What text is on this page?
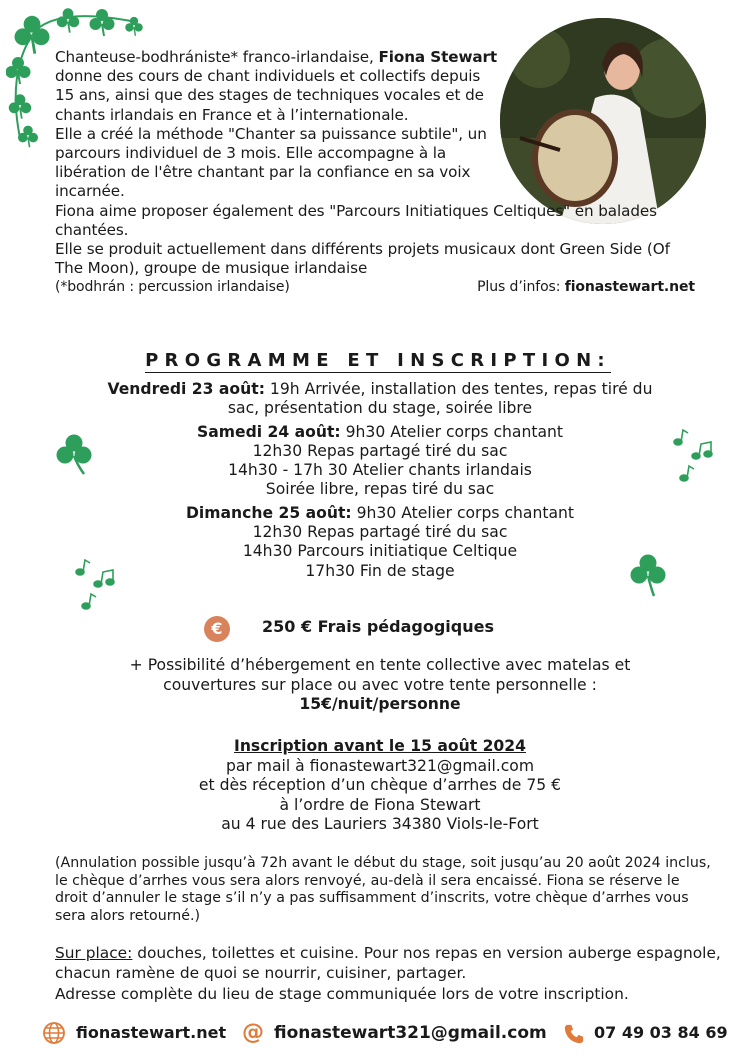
Chanteuse-bodhrániste* franco-irlandaise, Fiona Stewart donne des cours de chant individuels et collectifs depuis 15 ans, ainsi que des stages de techniques vocales et de chants irlandais en France et à l’internationale.

Elle a créé la méthode "Chanter sa puissance subtile", un parcours individuel de 3 mois. Elle accompagne à la libération de l'être chantant par la confiance en sa voix incarnée.

Fiona aime proposer également des "Parcours Initiatiques Celtiques" en balades chantées.

Elle se produit actuellement dans différents projets musicaux dont Green Side (Of The Moon), groupe de musique irlandaise

(*bodhrán : percussion irlandaise)	Plus d’infos: fionastewart.net
PROGRAMME ET INSCRIPTION:
Vendredi 23 août: 19h Arrivée, installation des tentes, repas tiré du
sac, présentation du stage, soirée libre
Samedi 24 août: 9h30 Atelier corps chantant
12h30 Repas partagé tiré du sac
14h30 - 17h 30 Atelier chants irlandais
Soirée libre, repas tiré du sac
Dimanche 25 août: 9h30 Atelier corps chantant
12h30 Repas partagé tiré du sac
14h30 Parcours initiatique Celtique
17h30 Fin de stage
€	250 € Frais pédagogiques
+ Possibilité d’hébergement en tente collective avec matelas et
couvertures sur place ou avec votre tente personnelle :
15€/nuit/personne
Inscription avant le 15 août 2024
par mail à fionastewart321@gmail.com
et dès réception d’un chèque d’arrhes de 75 €
à l’ordre de Fiona Stewart
au 4 rue des Lauriers 34380 Viols-le-Fort
(Annulation possible jusqu’à 72h avant le début du stage, soit jusqu’au 20 août 2024 inclus, le chèque d’arrhes vous sera alors renvoyé, au-delà il sera encaissé. Fiona se réserve le droit d’annuler le stage s’il n’y a pas suffisamment d’inscrits, votre chèque d’arrhes vous sera alors retourné.)
Sur place: douches, toilettes et cuisine. Pour nos repas en version auberge espagnole, chacun ramène de quoi se nourrir, cuisiner, partager.
Adresse complète du lieu de stage communiquée lors de votre inscription.
fionastewart.net @ fionastewart321@gmail.com	07 49 03 84 69
